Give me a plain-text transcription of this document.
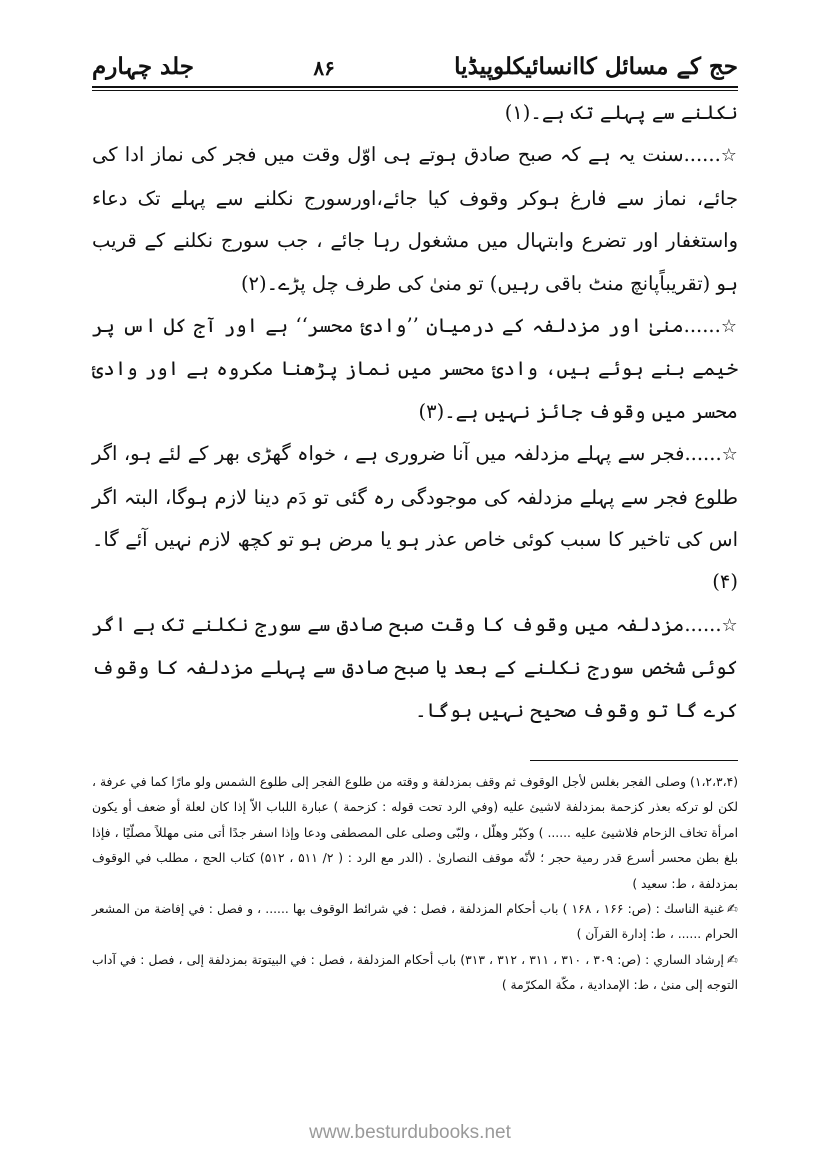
حج کے مسائل کاانسائیکلوپیڈیا
۸۶
جلد چہارم

نکلنے سے پہلے تک ہے۔(۱)

☆......سنت یہ ہے کہ صبح صادق ہوتے ہی اوّل وقت میں فجر کی نماز ادا کی جائے، نماز سے فارغ ہوکر وقوف کیا جائے،اورسورج نکلنے سے پہلے تک دعاء واستغفار اور تضرع وابتہال میں مشغول رہا جائے ، جب سورج نکلنے کے قریب ہو (تقریباًپانچ منٹ باقی رہیں) تو منیٰ کی طرف چل پڑے۔(۲)

☆......منیٰ اور مزدلفہ کے درمیان ’’وادیٔ محسر‘‘ ہے اور آج کل اس پر خیمے بنے ہوئے ہیں، وادیٔ محسر میں نماز پڑھنا مکروہ ہے اور وادیٔ محسر میں وقوف جائز نہیں ہے۔(۳)

☆......فجر سے پہلے مزدلفہ میں آنا ضروری ہے ، خواہ گھڑی بھر کے لئے ہو، اگر طلوع فجر سے پہلے مزدلفہ کی موجودگی رہ گئی تو دَم دینا لازم ہوگا، البتہ اگر اس کی تاخیر کا سبب کوئی خاص عذر ہو یا مرض ہو تو کچھ لازم نہیں آئے گا۔(۴)

☆......مزدلفہ میں وقوف کا وقت صبح صادق سے سورج نکلنے تک ہے اگر کوئی شخص سورج نکلنے کے بعد یا صبح صادق سے پہلے مزدلفہ کا وقوف کرے گا تو وقوف صحیح نہیں ہوگا۔

(۱،۲،۳،۴) وصلى الفجر بغلس لأجل الوقوف ثم وقف بمزدلفة و وقته من طلوع الفجر إلى طلوع الشمس ولو مارًا كما في عرفة ، لكن لو تركه بعذر كزحمة بمزدلفة لاشيئ عليه (وفي الرد تحت قوله : كزحمة ) عبارة اللباب الاّ إذا كان لعلة أو ضعف أو يكون امرأة تخاف الزحام فلاشيئ عليه ...... ) وكبّر وهلّل ، ولبّى وصلى على المصطفى ودعا وإذا اسفر جدًا أتى منى مهللاً مصلّيًا ، فإذا بلغ بطن محسر أسرع قدر رمية حجر ؛ لأنّه موقف النصارىٰ . (الدر مع الرد : ( ۲/ ۵۱۱ ، ۵۱۲) كتاب الحج ، مطلب في الوقوف بمزدلفة ، ط: سعيد )

✍غنية الناسك : (ص: ۱۶۶ ، ۱۶۸ ) باب أحكام المزدلفة ، فصل : في شرائط الوقوف بها ...... ، و فصل : في إفاضة من المشعر الحرام ...... ، ط: إدارة القرآن )

✍إرشاد الساري : (ص: ۳۰۹ ، ۳۱۰ ، ۳۱۱ ، ۳۱۲ ، ۳۱۳) باب أحكام المزدلفة ، فصل : في البيتوتة بمزدلفة إلى ، فصل : في آداب التوجه إلى منىٰ ، ط: الإمدادية ، مكّة المكرّمة )

www.besturdubooks.net
